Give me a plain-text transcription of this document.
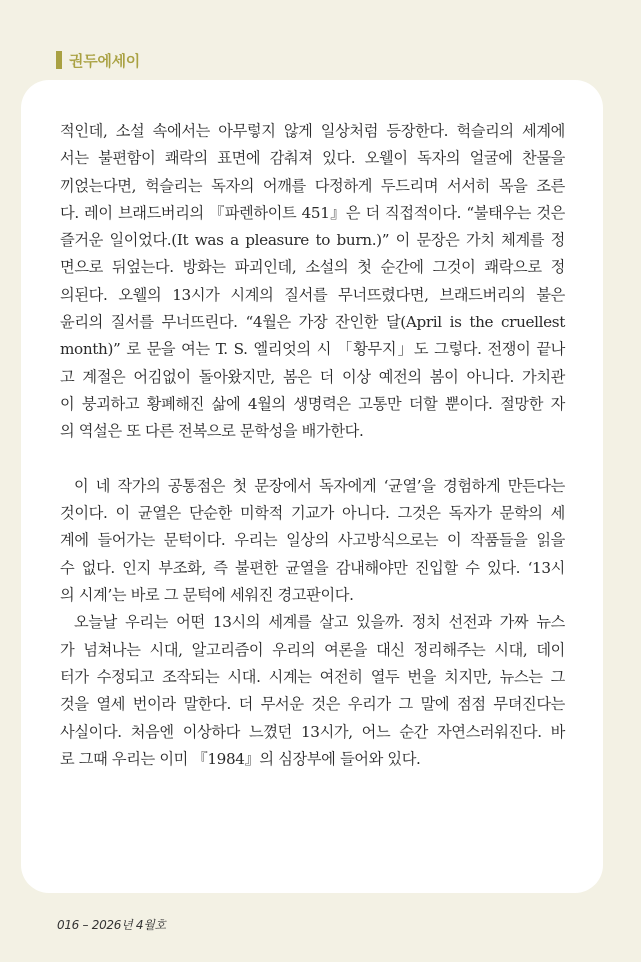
권두에세이
적인데, 소설 속에서는 아무렇지 않게 일상처럼 등장한다. 헉슬리의 세계에
서는 불편함이 쾌락의 표면에 감춰져 있다. 오웰이 독자의 얼굴에 찬물을
끼얹는다면, 헉슬리는 독자의 어깨를 다정하게 두드리며 서서히 목을 조른
다. 레이 브래드버리의 『파렌하이트 451』은 더 직접적이다. “불태우는 것은
즐거운 일이었다.(It was a pleasure to burn.)” 이 문장은 가치 체계를 정
면으로 뒤엎는다. 방화는 파괴인데, 소설의 첫 순간에 그것이 쾌락으로 정
의된다. 오웰의 13시가 시계의 질서를 무너뜨렸다면, 브래드버리의 불은
윤리의 질서를 무너뜨린다. “4월은 가장 잔인한 달(April is the cruellest
month)” 로 문을 여는 T. S. 엘리엇의 시 「황무지」도 그렇다. 전쟁이 끝나
고 계절은 어김없이 돌아왔지만, 봄은 더 이상 예전의 봄이 아니다. 가치관
이 붕괴하고 황폐해진 삶에 4월의 생명력은 고통만 더할 뿐이다. 절망한 자
의 역설은 또 다른 전복으로 문학성을 배가한다.
이 네 작가의 공통점은 첫 문장에서 독자에게 ‘균열’을 경험하게 만든다는
것이다. 이 균열은 단순한 미학적 기교가 아니다. 그것은 독자가 문학의 세
계에 들어가는 문턱이다. 우리는 일상의 사고방식으로는 이 작품들을 읽을
수 없다. 인지 부조화, 즉 불편한 균열을 감내해야만 진입할 수 있다. ‘13시
의 시계’는 바로 그 문턱에 세워진 경고판이다.
오늘날 우리는 어떤 13시의 세계를 살고 있을까. 정치 선전과 가짜 뉴스
가 넘쳐나는 시대, 알고리즘이 우리의 여론을 대신 정리해주는 시대, 데이
터가 수정되고 조작되는 시대. 시계는 여전히 열두 번을 치지만, 뉴스는 그
것을 열세 번이라 말한다. 더 무서운 것은 우리가 그 말에 점점 무뎌진다는
사실이다. 처음엔 이상하다 느꼈던 13시가, 어느 순간 자연스러워진다. 바
로 그때 우리는 이미 『1984』의 심장부에 들어와 있다.
016 – 2026년 4월호
